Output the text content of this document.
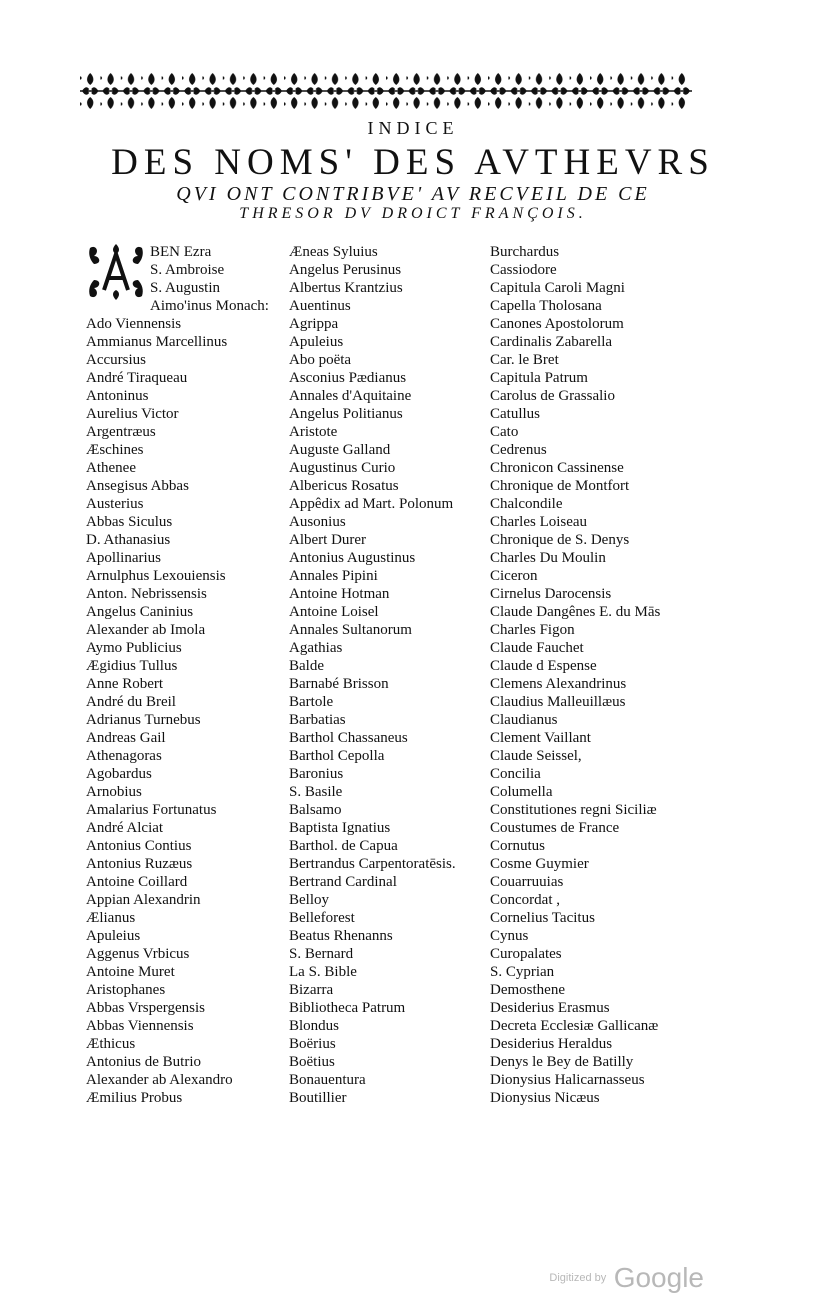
INDICE
DES NOMS' DES AVTHEVRS
QVI ONT CONTRIBVE' AV RECVEIL DE CE
THRESOR DV DROICT FRANÇOIS.
BEN Ezra
S. Ambroise
S. Augustin
Aimo'inus Monach:
Ado Viennensis
Ammianus Marcellinus
Accursius
André Tiraqueau
Antoninus
Aurelius Victor
Argentræus
Æschines
Athenee
Ansegisus Abbas
Austerius
Abbas Siculus
D. Athanasius
Apollinarius
Arnulphus Lexouiensis
Anton. Nebrissensis
Angelus Caninius
Alexander ab Imola
Aymo Publicius
Ægidius Tullus
Anne Robert
André du Breil
Adrianus Turnebus
Andreas Gail
Athenagoras
Agobardus
Arnobius
Amalarius Fortunatus
André Alciat
Antonius Contius
Antonius Ruzæus
Antoine Coillard
Appian Alexandrin
Ælianus
Apuleius
Aggenus Vrbicus
Antoine Muret
Aristophanes
Abbas Vrspergensis
Abbas Viennensis
Æthicus
Antonius de Butrio
Alexander ab Alexandro
Æmilius Probus
Æneas Syluius
Angelus Perusinus
Albertus Krantzius
Auentinus
Agrippa
Apuleius
Abo poëta
Asconius Pædianus
Annales d'Aquitaine
Angelus Politianus
Aristote
Auguste Galland
Augustinus Curio
Albericus Rosatus
Appêdix ad Mart. Polonum
Ausonius
Albert Durer
Antonius Augustinus
Annales Pipini
Antoine Hotman
Antoine Loisel
Annales Sultanorum
Agathias
Balde
Barnabé Brisson
Bartole
Barbatias
Barthol Chassaneus
Barthol Cepolla
Baronius
S. Basile
Balsamo
Baptista Ignatius
Barthol. de Capua
Bertrandus Carpentoratēsis.
Bertrand Cardinal
Belloy
Belleforest
Beatus Rhenanns
S. Bernard
La S. Bible
Bizarra
Bibliotheca Patrum
Blondus
Boërius
Boëtius
Bonauentura
Boutillier
Burchardus
Cassiodore
Capitula Caroli Magni
Capella Tholosana
Canones Apostolorum
Cardinalis Zabarella
Car. le Bret
Capitula Patrum
Carolus de Grassalio
Catullus
Cato
Cedrenus
Chronicon Cassinense
Chronique de Montfort
Chalcondile
Charles Loiseau
Chronique de S. Denys
Charles Du Moulin
Ciceron
Cirnelus Darocensis
Claude Dangênes E. du Mās
Charles Figon
Claude Fauchet
Claude d Espense
Clemens Alexandrinus
Claudius Malleuillæus
Claudianus
Clement Vaillant
Claude Seissel,
Concilia
Columella
Constitutiones regni Siciliæ
Coustumes de France
Cornutus
Cosme Guymier
Couarruuias
Concordat ,
Cornelius Tacitus
Cynus
Curopalates
S. Cyprian
Demosthene
Desiderius Erasmus
Decreta Ecclesiæ Gallicanæ
Desiderius Heraldus
Denys le Bey de Batilly
Dionysius Halicarnasseus
Dionysius Nicæus
Digitized by Google
